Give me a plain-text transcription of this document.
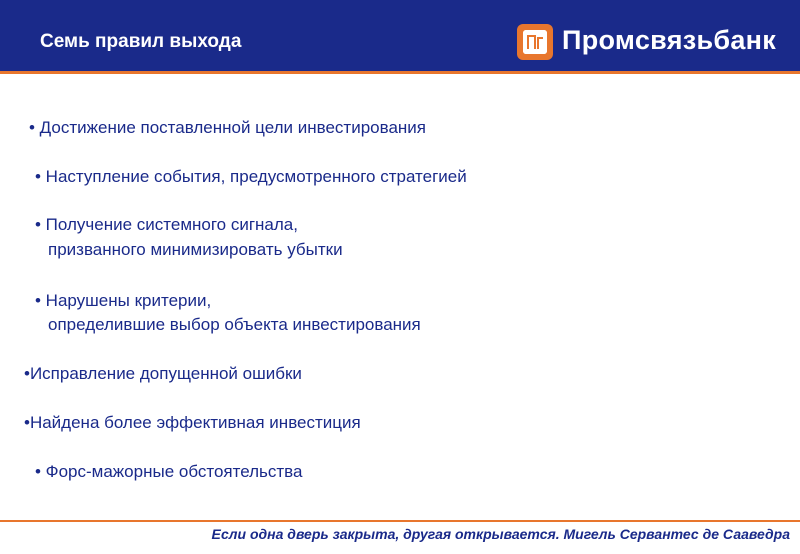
Семь правил выхода	Промсвязьбанк
• Достижение поставленной цели инвестирования
• Наступление события, предусмотренного стратегией
• Получение системного сигнала,
призванного минимизировать убытки
• Нарушены критерии,
определившие выбор объекта инвестирования
•Исправление допущенной ошибки
•Найдена более эффективная инвестиция
• Форс-мажорные обстоятельства
Если одна дверь закрыта, другая открывается. Мигель Сервантес де Сааведра
